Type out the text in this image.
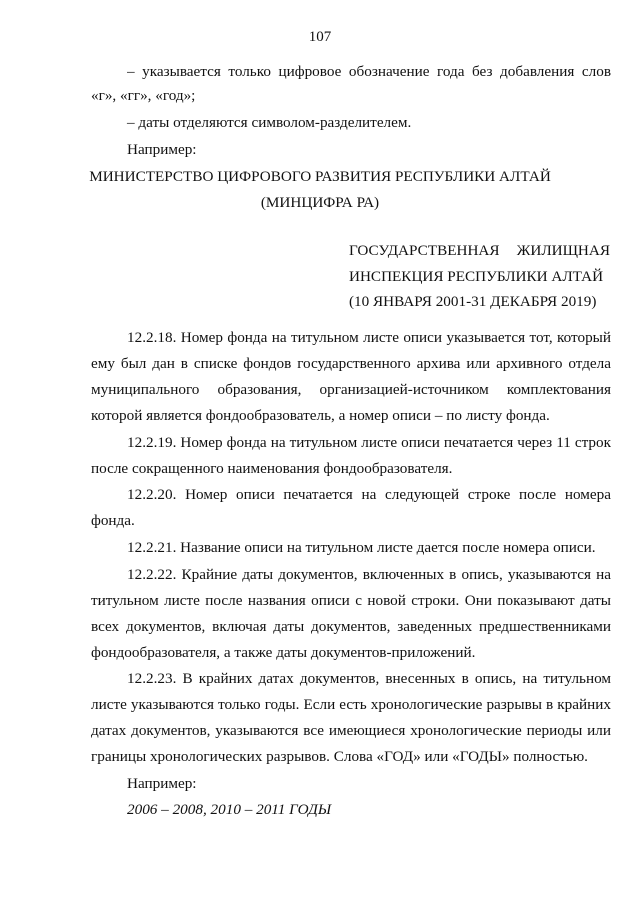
107
– указывается только цифровое обозначение года без добавления слов
«г», «гг», «год»;
– даты отделяются символом-разделителем.
Например:
МИНИСТЕРСТВО ЦИФРОВОГО РАЗВИТИЯ РЕСПУБЛИКИ АЛТАЙ
(МИНЦИФРА РА)
ГОСУДАРСТВЕННАЯ ЖИЛИЩНАЯ
ИНСПЕКЦИЯ РЕСПУБЛИКИ АЛТАЙ
(10 ЯНВАРЯ 2001-31 ДЕКАБРЯ 2019)
12.2.18. Номер фонда на титульном листе описи указывается тот, который
ему был дан в списке фондов государственного архива или архивного отдела
муниципального образования, организацией-источником комплектования
которой является фондообразователь, а номер описи – по листу фонда.
12.2.19. Номер фонда на титульном листе описи печатается через 11 строк
после сокращенного наименования фондообразователя.
12.2.20. Номер описи печатается на следующей строке после номера
фонда.
12.2.21. Название описи на титульном листе дается после номера описи.
12.2.22. Крайние даты документов, включенных в опись, указываются на
титульном листе после названия описи с новой строки. Они показывают даты
всех документов, включая даты документов, заведенных предшественниками
фондообразователя, а также даты документов-приложений.
12.2.23. В крайних датах документов, внесенных в опись, на титульном
листе указываются только годы. Если есть хронологические разрывы в крайних
датах документов, указываются все имеющиеся хронологические периоды или
границы хронологических разрывов. Слова «ГОД» или «ГОДЫ» полностью.
Например:
2006 – 2008, 2010 – 2011 ГОДЫ
